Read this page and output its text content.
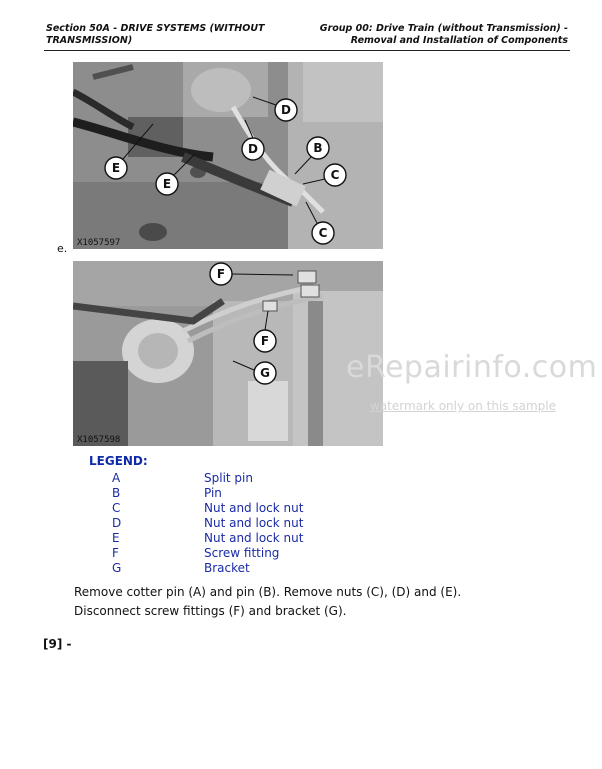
Section 50A - DRIVE SYSTEMS (WITHOUT TRANSMISSION)
Group 00: Drive Train (without Transmission) - Removal and Installation of Components
D
D	B
C
C
E
E
X1057597
e.
F
F
G
X1057598
eRepairinfo.com
watermark only on this sample
LEGEND:
A	Split pin
B	Pin
C	Nut and lock nut
D	Nut and lock nut
E	Nut and lock nut
F	Screw fitting
G	Bracket
Remove cotter pin (A) and pin (B). Remove nuts (C), (D) and (E).
Disconnect screw fittings (F) and bracket (G).
[9] -
